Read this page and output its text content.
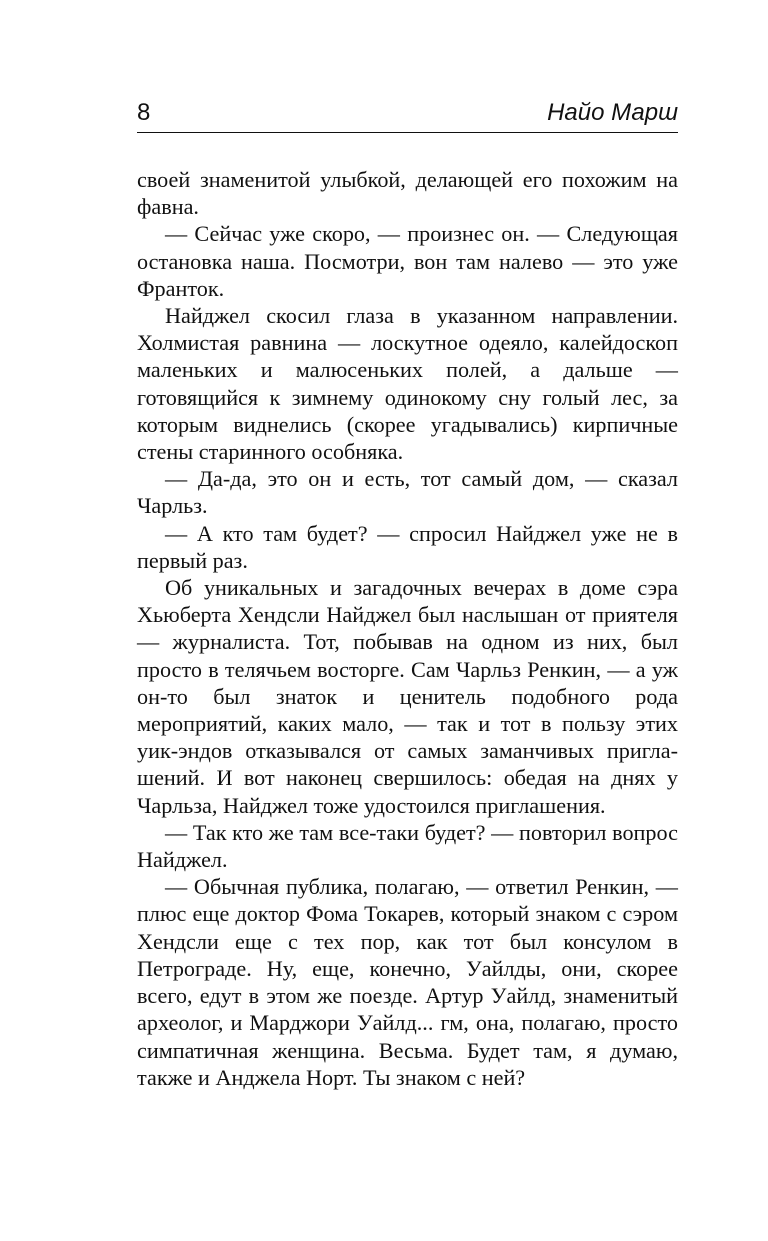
8	Найо Марш

своей знаменитой улыбкой, делающей его похожим на фавна.

— Сейчас уже скоро, — произнес он. — Следующая остановка наша. Посмотри, вон там налево — это уже Франток.

Найджел скосил глаза в указанном направлении. Холмистая равнина — лоскутное одеяло, калейдоскоп маленьких и малюсеньких полей, а дальше — готовящийся к зимнему одинокому сну голый лес, за которым виднелись (скорее угадывались) кирпичные стены старинного особняка.

— Да-да, это он и есть, тот самый дом, — сказал Чарльз.

— А кто там будет? — спросил Найджел уже не в первый раз.

Об уникальных и загадочных вечерах в доме сэра Хьюберта Хендсли Найджел был наслышан от приятеля — журналиста. Тот, побывав на одном из них, был просто в телячьем восторге. Сам Чарльз Ренкин, — а уж он-то был знаток и ценитель подобного рода мероприятий, каких мало, — так и тот в пользу этих уик-эндов отказывался от самых заманчивых приглашений. И вот наконец свершилось: обедая на днях у Чарльза, Найджел тоже удостоился приглашения.

— Так кто же там все-таки будет? — повторил вопрос Найджел.

— Обычная публика, полагаю, — ответил Ренкин, — плюс еще доктор Фома Токарев, который знаком с сэром Хендсли еще с тех пор, как тот был консулом в Петрограде. Ну, еще, конечно, Уайлды, они, скорее всего, едут в этом же поезде. Артур Уайлд, знаменитый археолог, и Марджори Уайлд... гм, она, полагаю, просто симпатичная женщина. Весьма. Будет там, я думаю, также и Анджела Норт. Ты знаком с ней?
